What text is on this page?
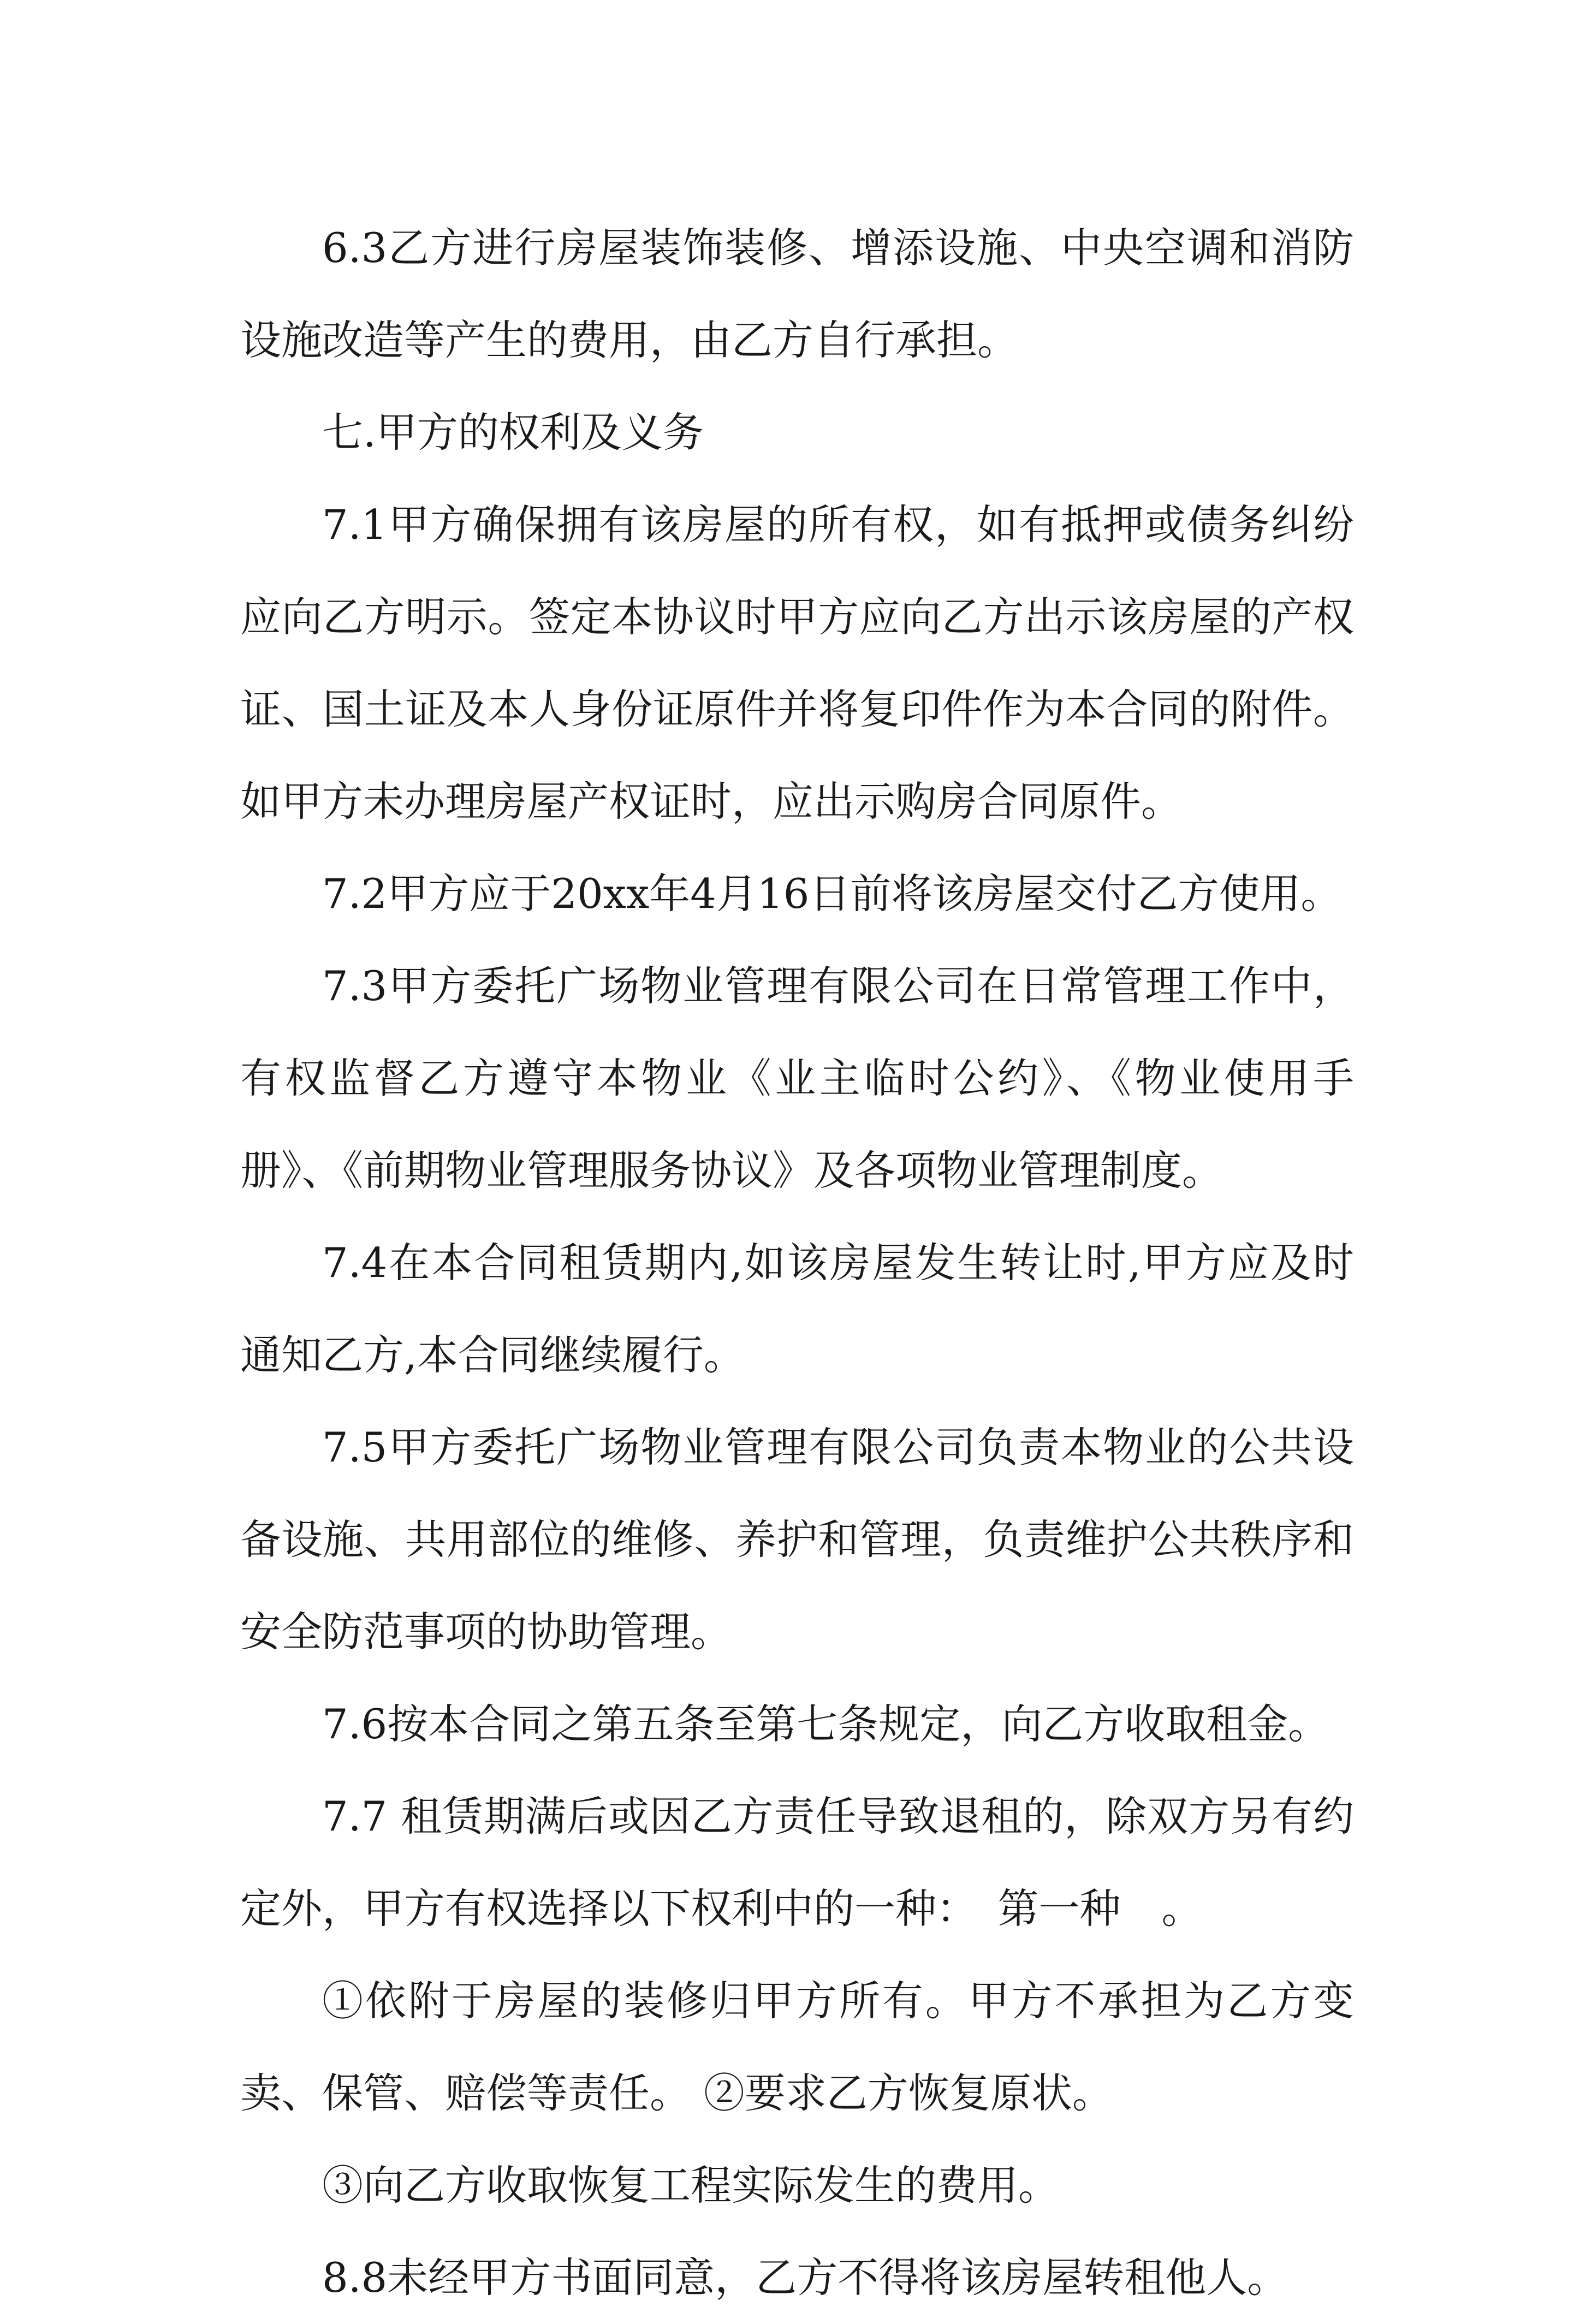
6.3乙方进行房屋装饰装修、增添设施、中央空调和消防设施改造等产生的费用，由乙方自行承担。

七.甲方的权利及义务

7.1甲方确保拥有该房屋的所有权，如有抵押或债务纠纷应向乙方明示。签定本协议时甲方应向乙方出示该房屋的产权证、国土证及本人身份证原件并将复印件作为本合同的附件。如甲方未办理房屋产权证时，应出示购房合同原件。

7.2甲方应于20xx年4月16日前将该房屋交付乙方使用。

7.3甲方委托广场物业管理有限公司在日常管理工作中，有权监督乙方遵守本物业《业主临时公约》、《物业使用手册》、《前期物业管理服务协议》及各项物业管理制度。

7.4在本合同租赁期内,如该房屋发生转让时,甲方应及时通知乙方,本合同继续履行。

7.5甲方委托广场物业管理有限公司负责本物业的公共设备设施、共用部位的维修、养护和管理，负责维护公共秩序和安全防范事项的协助管理。

7.6按本合同之第五条至第七条规定，向乙方收取租金。

7.7 租赁期满后或因乙方责任导致退租的，除双方另有约定外，甲方有权选择以下权利中的一种：　第一种　。

①依附于房屋的装修归甲方所有。甲方不承担为乙方变卖、保管、赔偿等责任。 ②要求乙方恢复原状。

③向乙方收取恢复工程实际发生的费用。

8.8未经甲方书面同意，乙方不得将该房屋转租他人。
